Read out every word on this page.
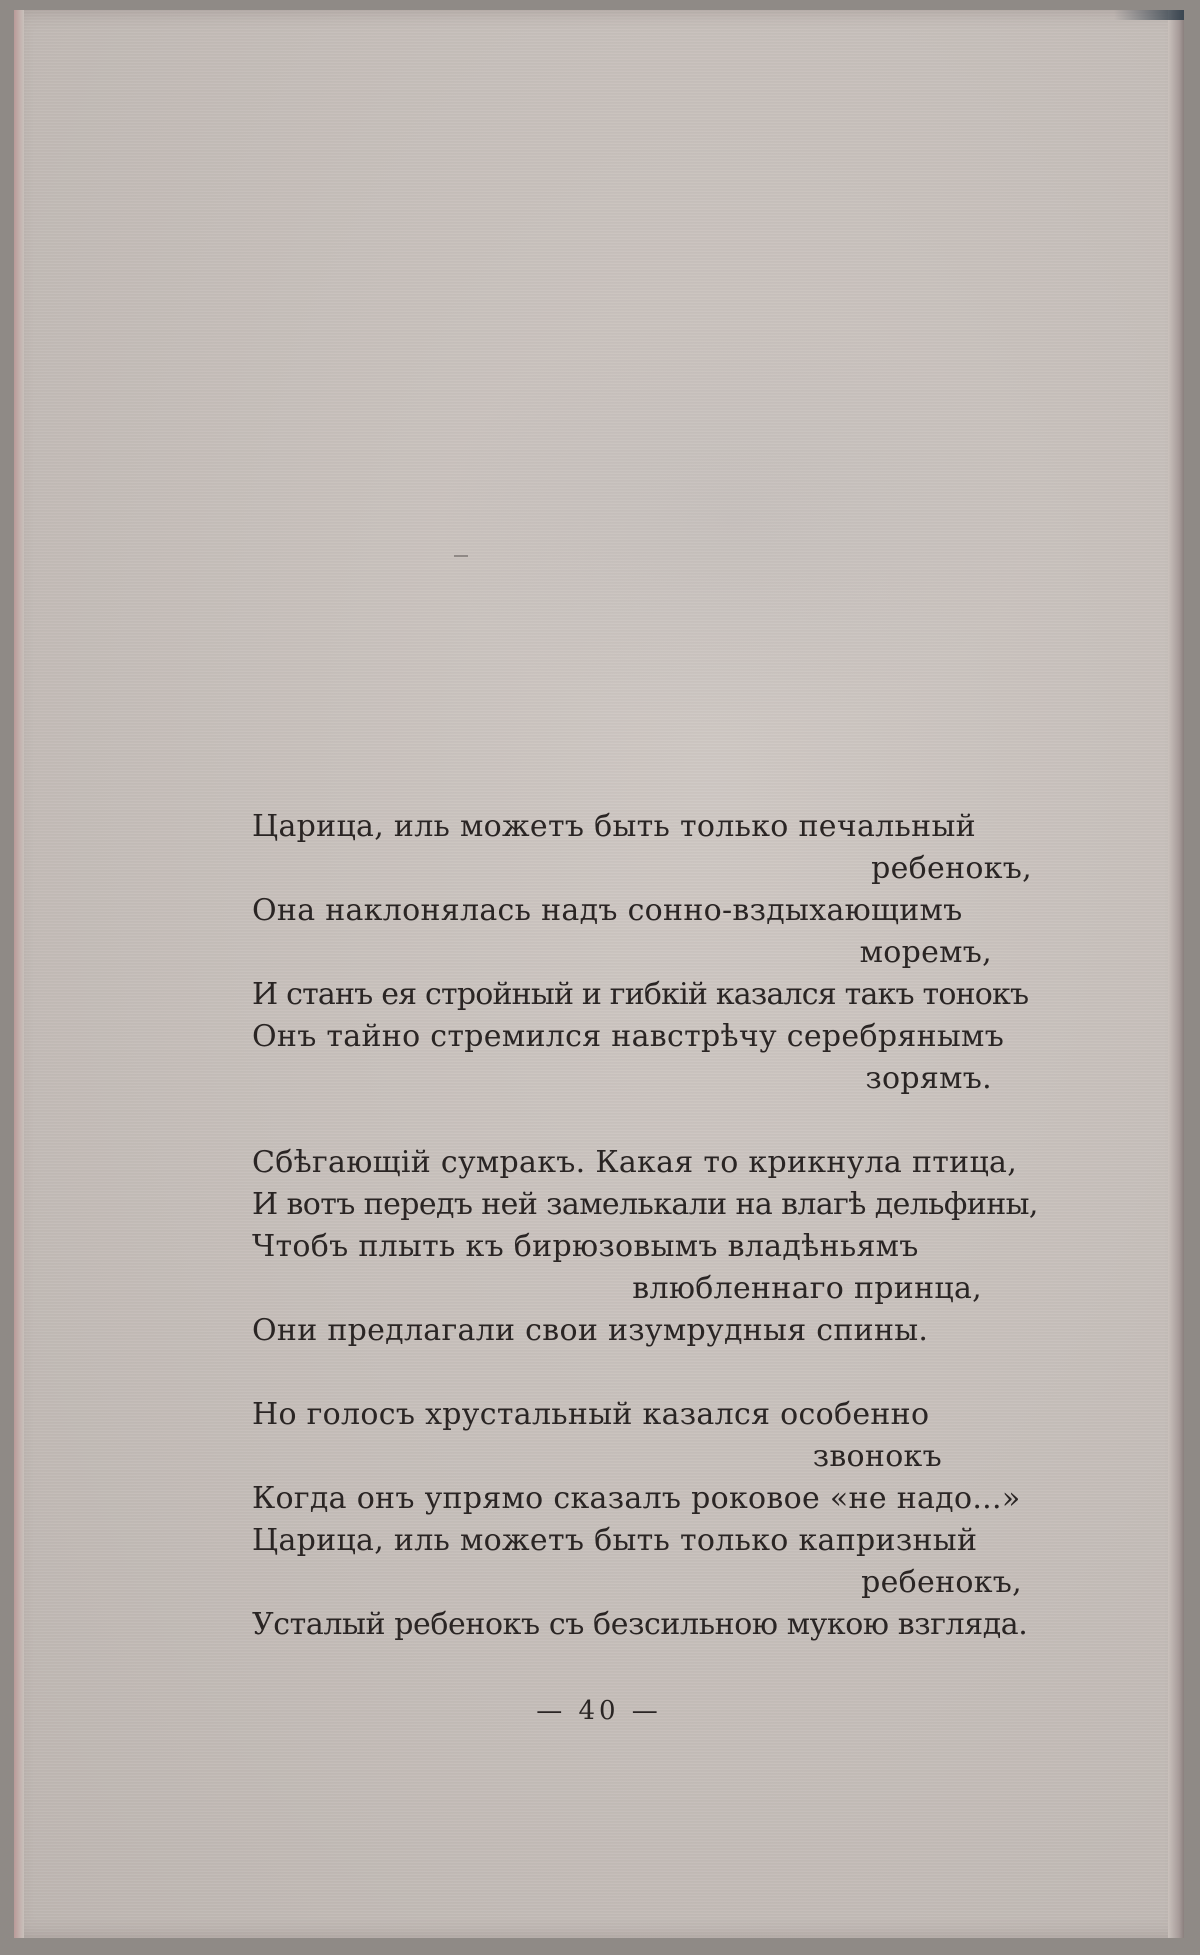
Царица, иль можетъ быть только печальный
ребенокъ,
Она наклонялась надъ сонно-вздыхающимъ
моремъ,
И станъ ея стройный и гибкій казался такъ тонокъ
Онъ тайно стремился навстрѣчу серебрянымъ
зорямъ.
Сбѣгающій сумракъ. Какая то крикнула птица,
И вотъ передъ ней замелькали на влагѣ дельфины,
Чтобъ плыть къ бирюзовымъ владѣньямъ
влюбленнаго принца,
Они предлагали свои изумрудныя спины.
Но голосъ хрустальный казался особенно
звонокъ
Когда онъ упрямо сказалъ роковое «не надо...»
Царица, иль можетъ быть только капризный
ребенокъ,
Усталый ребенокъ съ безсильною мукою взгляда.
— 40 —
